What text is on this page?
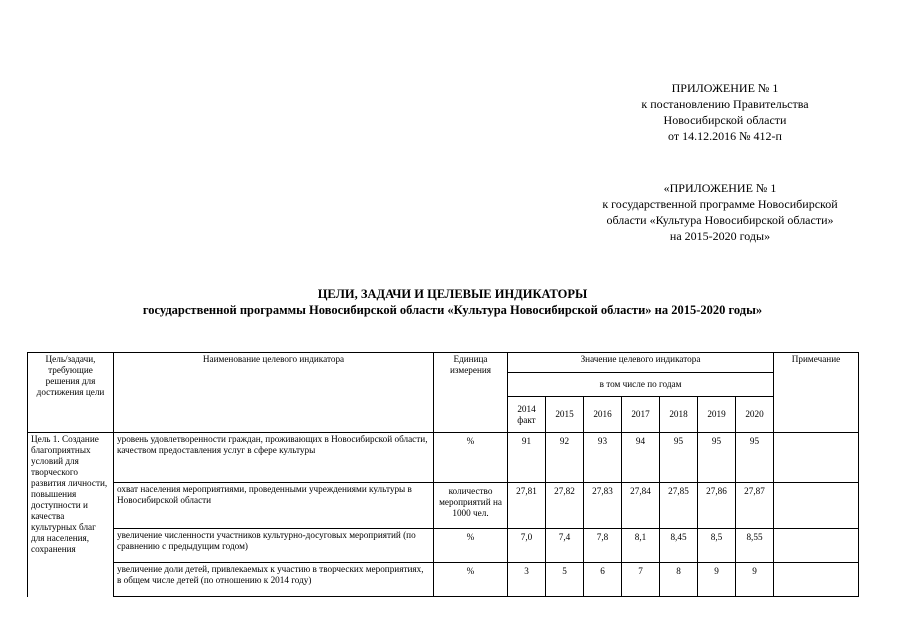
ПРИЛОЖЕНИЕ № 1
к постановлению Правительства
Новосибирской области
от 14.12.2016 № 412-п
«ПРИЛОЖЕНИЕ № 1
к государственной программе Новосибирской
области «Культура Новосибирской области»
на 2015-2020 годы»
ЦЕЛИ, ЗАДАЧИ И ЦЕЛЕВЫЕ ИНДИКАТОРЫ
государственной программы Новосибирской области «Культура Новосибирской области» на 2015-2020 годы»
Цель/задачи, требующие решения для достижения цели	Наименование целевого индикатора	Единица измерения	Значение целевого индикатора							Примечание
			в том числе по годам							
			2014 факт	2015	2016	2017	2018	2019	2020	
Цель 1. Создание благоприятных условий для творческого развития личности, повышения доступности и качества культурных благ для населения, сохранения	уровень удовлетворенности граждан, проживающих в Новосибирской области, качеством предоставления услуг в сфере культуры	%	91	92	93	94	95	95	95	
	охват населения мероприятиями, проведенными учреждениями культуры в Новосибирской области	количество мероприятий на 1000 чел.	27,81	27,82	27,83	27,84	27,85	27,86	27,87	
	увеличение численности участников культурно-досуговых мероприятий (по сравнению с предыдущим годом)	%	7,0	7,4	7,8	8,1	8,45	8,5	8,55	
	увеличение доли детей, привлекаемых к участию в творческих мероприятиях, в общем числе детей (по отношению к 2014 году)	%	3	5	6	7	8	9	9	
